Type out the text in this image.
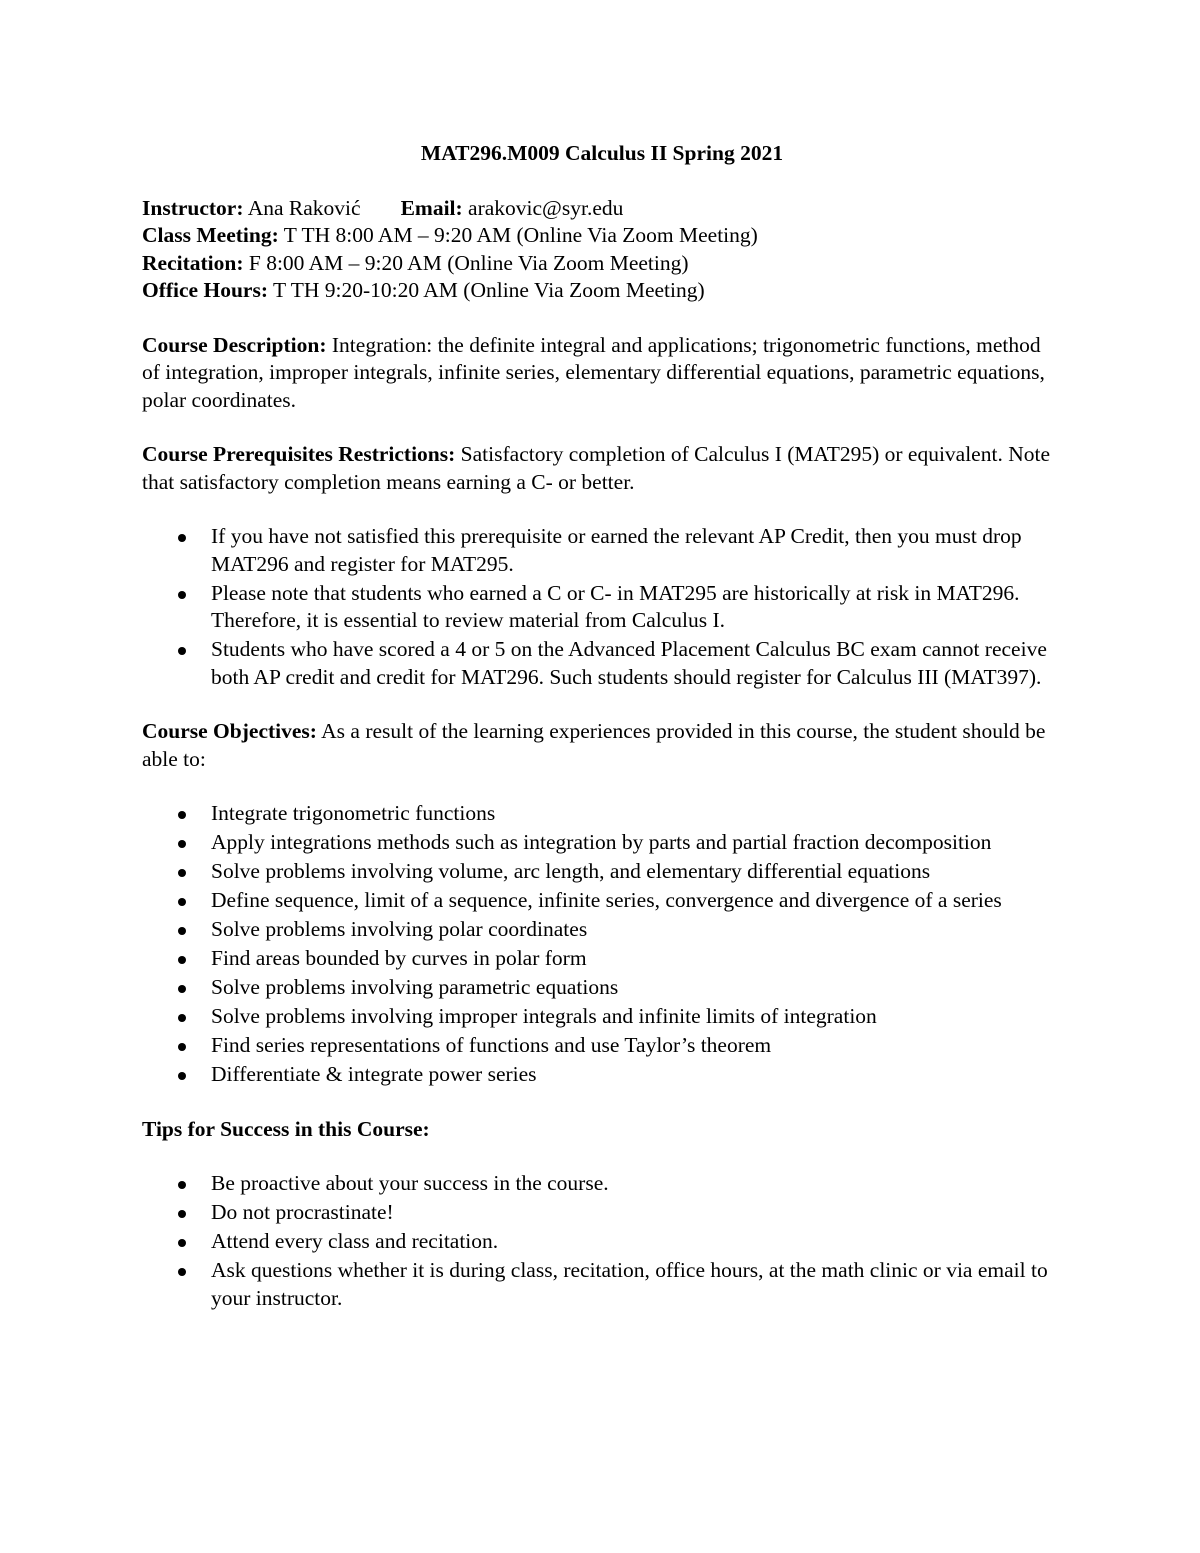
MAT296.M009 Calculus II Spring 2021

Instructor: Ana Raković Email: arakovic@syr.edu

Class Meeting: T TH 8:00 AM – 9:20 AM (Online Via Zoom Meeting)

Recitation: F 8:00 AM – 9:20 AM (Online Via Zoom Meeting)

Office Hours: T TH 9:20-10:20 AM (Online Via Zoom Meeting)

Course Description: Integration: the definite integral and applications; trigonometric functions, method of integration, improper integrals, infinite series, elementary differential equations, parametric equations, polar coordinates.

Course Prerequisites Restrictions: Satisfactory completion of Calculus I (MAT295) or equivalent. Note that satisfactory completion means earning a C- or better.

If you have not satisfied this prerequisite or earned the relevant AP Credit, then you must drop MAT296 and register for MAT295.
Please note that students who earned a C or C- in MAT295 are historically at risk in MAT296. Therefore, it is essential to review material from Calculus I.
Students who have scored a 4 or 5 on the Advanced Placement Calculus BC exam cannot receive both AP credit and credit for MAT296. Such students should register for Calculus III (MAT397).

Course Objectives: As a result of the learning experiences provided in this course, the student should be able to:

Integrate trigonometric functions
Apply integrations methods such as integration by parts and partial fraction decomposition
Solve problems involving volume, arc length, and elementary differential equations
Define sequence, limit of a sequence, infinite series, convergence and divergence of a series
Solve problems involving polar coordinates
Find areas bounded by curves in polar form
Solve problems involving parametric equations
Solve problems involving improper integrals and infinite limits of integration
Find series representations of functions and use Taylor’s theorem
Differentiate & integrate power series

Tips for Success in this Course:

Be proactive about your success in the course.
Do not procrastinate!
Attend every class and recitation.
Ask questions whether it is during class, recitation, office hours, at the math clinic or via email to your instructor.
